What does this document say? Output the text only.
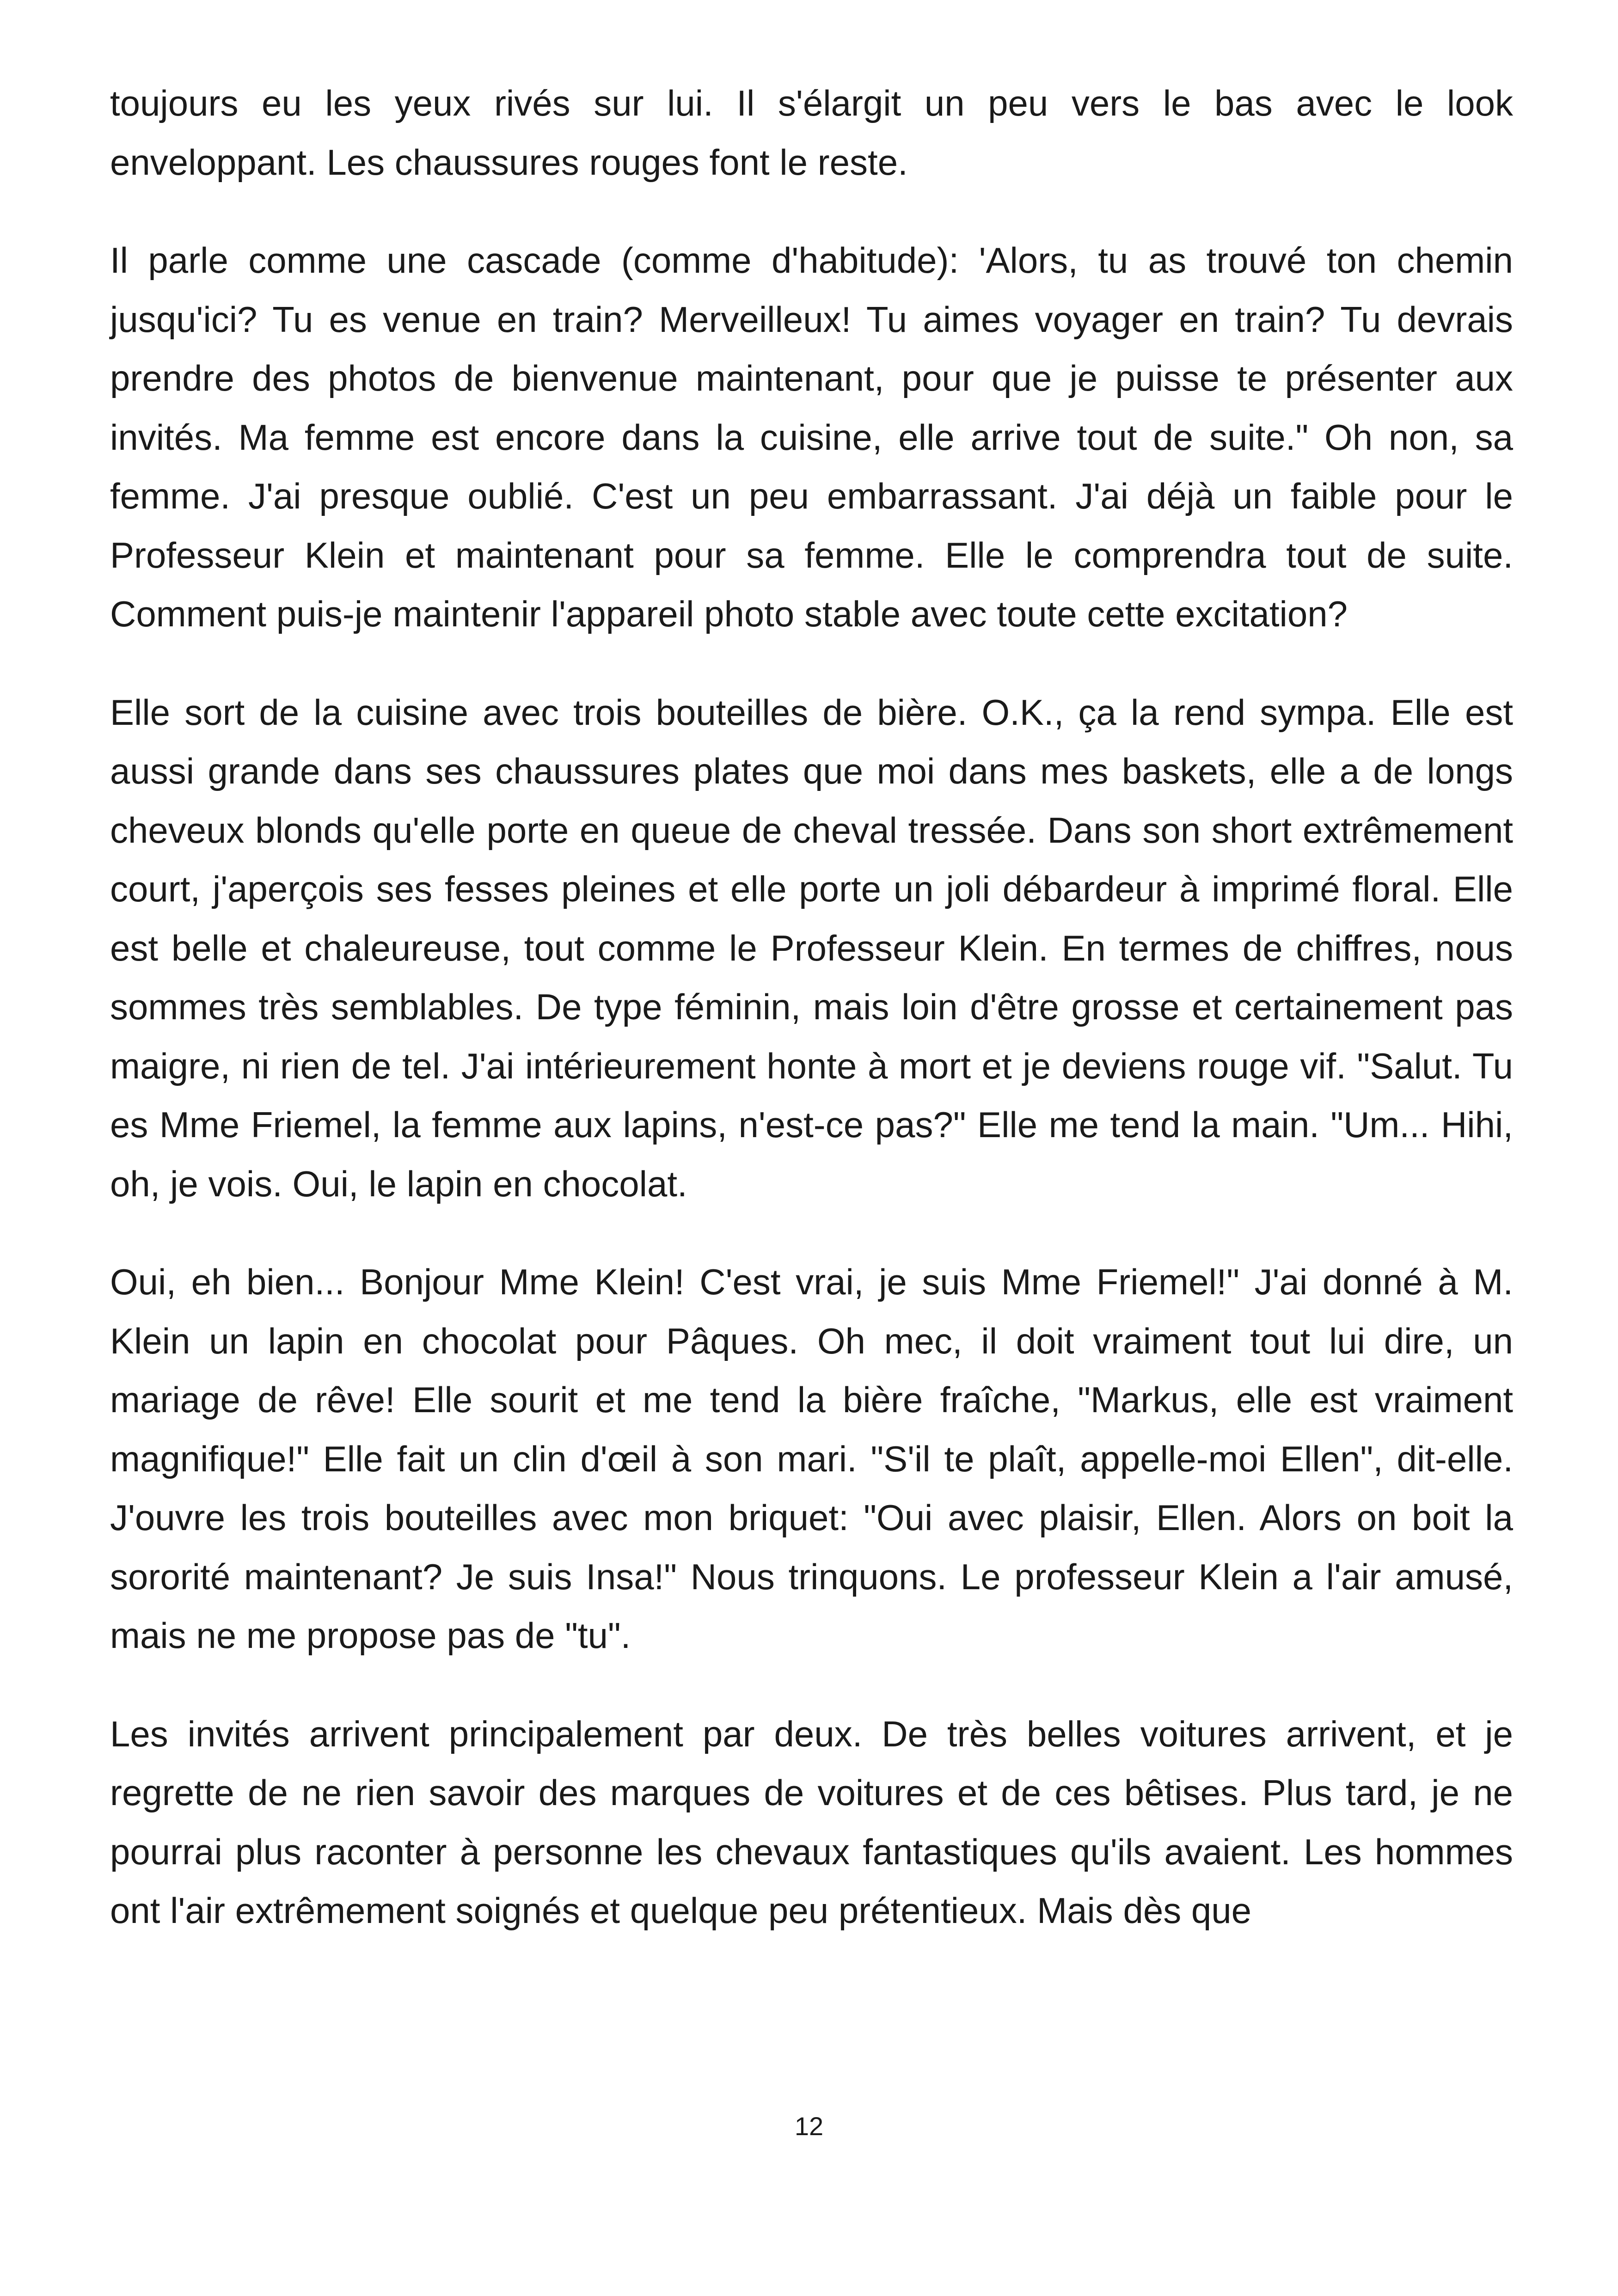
toujours eu les yeux rivés sur lui. Il s'élargit un peu vers le bas avec le look enveloppant. Les chaussures rouges font le reste.

Il parle comme une cascade (comme d'habitude): 'Alors, tu as trouvé ton chemin jusqu'ici? Tu es venue en train? Merveilleux! Tu aimes voyager en train? Tu devrais prendre des photos de bienvenue maintenant, pour que je puisse te présenter aux invités. Ma femme est encore dans la cuisine, elle arrive tout de suite." Oh non, sa femme. J'ai presque oublié. C'est un peu embarrassant. J'ai déjà un faible pour le Professeur Klein et maintenant pour sa femme. Elle le comprendra tout de suite. Comment puis-je maintenir l'appareil photo stable avec toute cette excitation?

Elle sort de la cuisine avec trois bouteilles de bière. O.K., ça la rend sympa. Elle est aussi grande dans ses chaussures plates que moi dans mes baskets, elle a de longs cheveux blonds qu'elle porte en queue de cheval tressée. Dans son short extrêmement court, j'aperçois ses fesses pleines et elle porte un joli débardeur à imprimé floral. Elle est belle et chaleureuse, tout comme le Professeur Klein. En termes de chiffres, nous sommes très semblables. De type féminin, mais loin d'être grosse et certainement pas maigre, ni rien de tel. J'ai intérieurement honte à mort et je deviens rouge vif. "Salut. Tu es Mme Friemel, la femme aux lapins, n'est-ce pas?" Elle me tend la main. "Um... Hihi, oh, je vois. Oui, le lapin en chocolat.

Oui, eh bien... Bonjour Mme Klein! C'est vrai, je suis Mme Friemel!" J'ai donné à M. Klein un lapin en chocolat pour Pâques. Oh mec, il doit vraiment tout lui dire, un mariage de rêve! Elle sourit et me tend la bière fraîche, "Markus, elle est vraiment magnifique!" Elle fait un clin d'œil à son mari. "S'il te plaît, appelle-moi Ellen", dit-elle. J'ouvre les trois bouteilles avec mon briquet: "Oui avec plaisir, Ellen. Alors on boit la sororité maintenant? Je suis Insa!" Nous trinquons. Le professeur Klein a l'air amusé, mais ne me propose pas de "tu".

Les invités arrivent principalement par deux. De très belles voitures arrivent, et je regrette de ne rien savoir des marques de voitures et de ces bêtises. Plus tard, je ne pourrai plus raconter à personne les chevaux fantastiques qu'ils avaient. Les hommes ont l'air extrêmement soignés et quelque peu prétentieux. Mais dès que

12
